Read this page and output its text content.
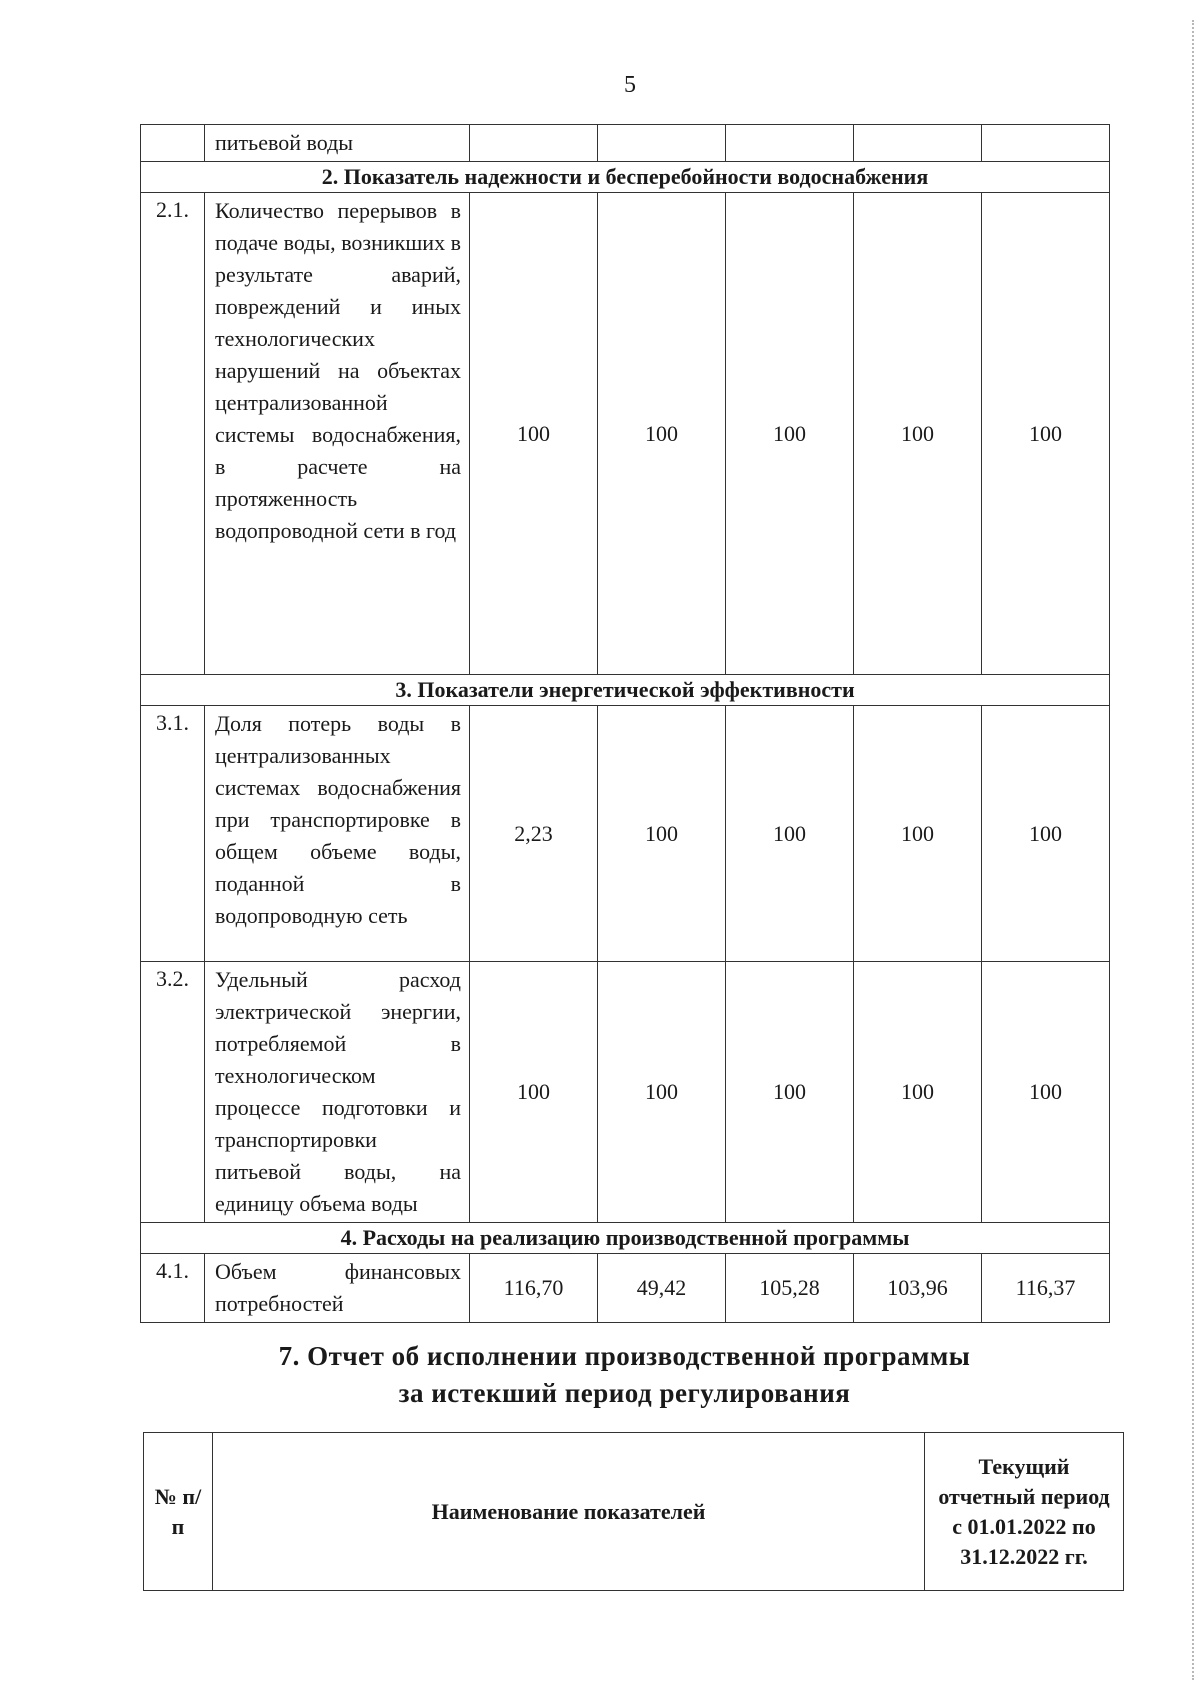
5
	питьевой воды					
2. Показатель надежности и бесперебойности водоснабжения						
2.1.	Количество перерывов в подаче воды, возникших в результате аварий, повреждений и иных технологических нарушений на объектах централизованной системы водоснабжения, в расчете на протяженность водопроводной сети в год	100	100	100	100	100
3. Показатели энергетической эффективности						
3.1.	Доля потерь воды в централизованных системах водоснабжения при транспортировке в общем объеме воды, поданной в водопроводную сеть	2,23	100	100	100	100
3.2.	Удельный расход электрической энергии, потребляемой в технологическом процессе подготовки и транспортировки питьевой воды, на единицу объема воды	100	100	100	100	100
4. Расходы на реализацию производственной программы						
4.1.	Объем финансовых потребностей	116,70	49,42	105,28	103,96	116,37
7. Отчет об исполнении производственной программы
за истекший период регулирования
№ п/п	Наименование показателей	Текущий отчетный период с 01.01.2022 по 31.12.2022 гг.
